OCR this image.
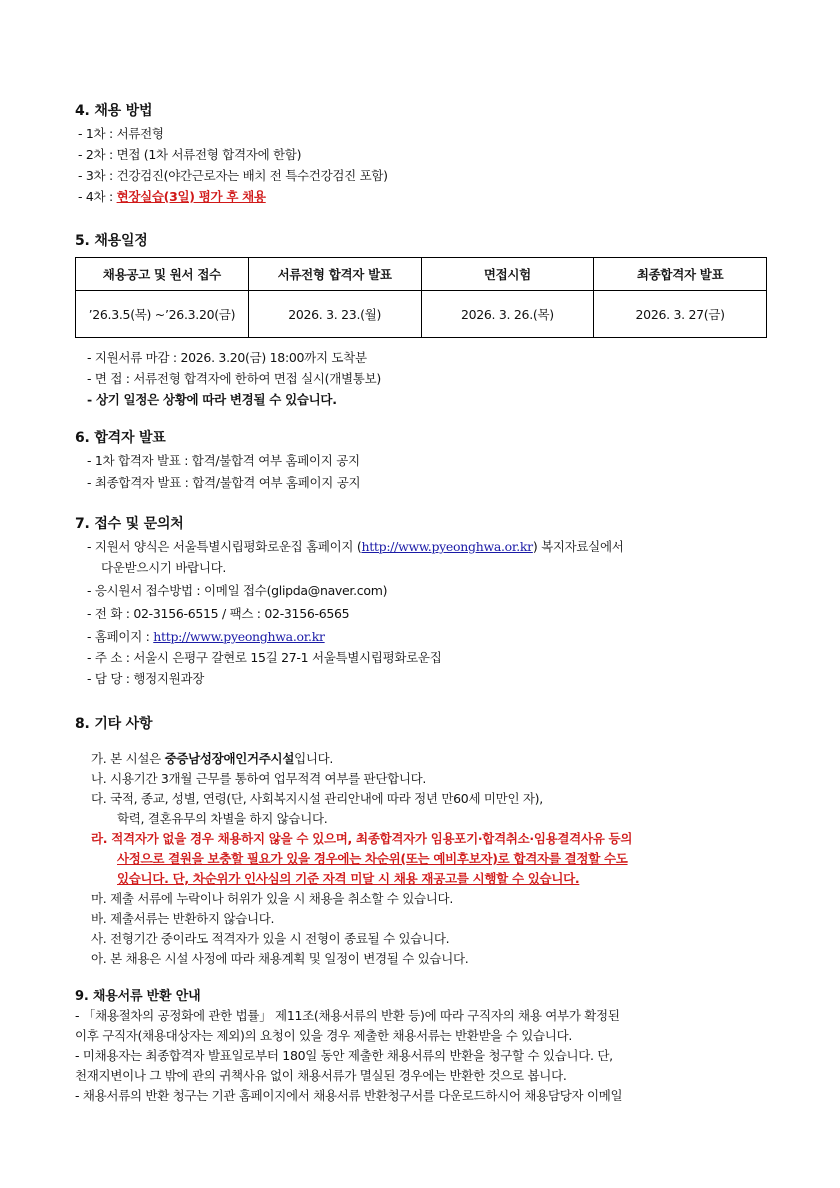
4. 채용 방법
- 1차 : 서류전형
- 2차 : 면접 (1차 서류전형 합격자에 한함)
- 3차 : 건강검진(야간근로자는 배치 전 특수건강검진 포함)
- 4차 : 현장실습(3일) 평가 후 채용
5. 채용일정
채용공고 및 원서 접수	서류전형 합격자 발표	면접시험	최종합격자 발표
’26.3.5(목) ~’26.3.20(금)	2026. 3. 23.(월)	2026. 3. 26.(목)	2026. 3. 27(금)
- 지원서류 마감 : 2026. 3.20(금) 18:00까지 도착분
- 면 접 : 서류전형 합격자에 한하여 면접 실시(개별통보)
- 상기 일정은 상황에 따라 변경될 수 있습니다.
6. 합격자 발표
- 1차 합격자 발표 : 합격/불합격 여부 홈페이지 공지
- 최종합격자 발표 : 합격/불합격 여부 홈페이지 공지
7. 접수 및 문의처
- 지원서 양식은 서울특별시립평화로운집 홈페이지 (http://www.pyeonghwa.or.kr) 복지자료실에서
다운받으시기 바랍니다.
- 응시원서 접수방법 : 이메일 접수(glipda@naver.com)
- 전 화 : 02-3156-6515 / 팩스 : 02-3156-6565
- 홈페이지 : http://www.pyeonghwa.or.kr
- 주 소 : 서울시 은평구 갈현로 15길 27-1 서울특별시립평화로운집
- 담 당 : 행정지원과장
8. 기타 사항
가. 본 시설은 중증남성장애인거주시설입니다.
나. 시용기간 3개월 근무를 통하여 업무적격 여부를 판단합니다.
다. 국적, 종교, 성별, 연령(단, 사회복지시설 관리안내에 따라 정년 만60세 미만인 자),
학력, 결혼유무의 차별을 하지 않습니다.
라. 적격자가 없을 경우 채용하지 않을 수 있으며, 최종합격자가 임용포기·합격취소·임용결격사유 등의
사정으로 결원을 보충할 필요가 있을 경우에는 차순위(또는 예비후보자)로 합격자를 결정할 수도
있습니다. 단, 차순위가 인사심의 기준 자격 미달 시 채용 재공고를 시행할 수 있습니다.
마. 제출 서류에 누락이나 허위가 있을 시 채용을 취소할 수 있습니다.
바. 제출서류는 반환하지 않습니다.
사. 전형기간 중이라도 적격자가 있을 시 전형이 종료될 수 있습니다.
아. 본 채용은 시설 사정에 따라 채용계획 및 일정이 변경될 수 있습니다.
9. 채용서류 반환 안내
- 「채용절차의 공정화에 관한 법률」 제11조(채용서류의 반환 등)에 따라 구직자의 채용 여부가 확정된
이후 구직자(채용대상자는 제외)의 요청이 있을 경우 제출한 채용서류는 반환받을 수 있습니다.
- 미채용자는 최종합격자 발표일로부터 180일 동안 제출한 채용서류의 반환을 청구할 수 있습니다. 단,
천재지변이나 그 밖에 관의 귀책사유 없이 채용서류가 멸실된 경우에는 반환한 것으로 봅니다.
- 채용서류의 반환 청구는 기관 홈페이지에서 채용서류 반환청구서를 다운로드하시어 채용담당자 이메일
